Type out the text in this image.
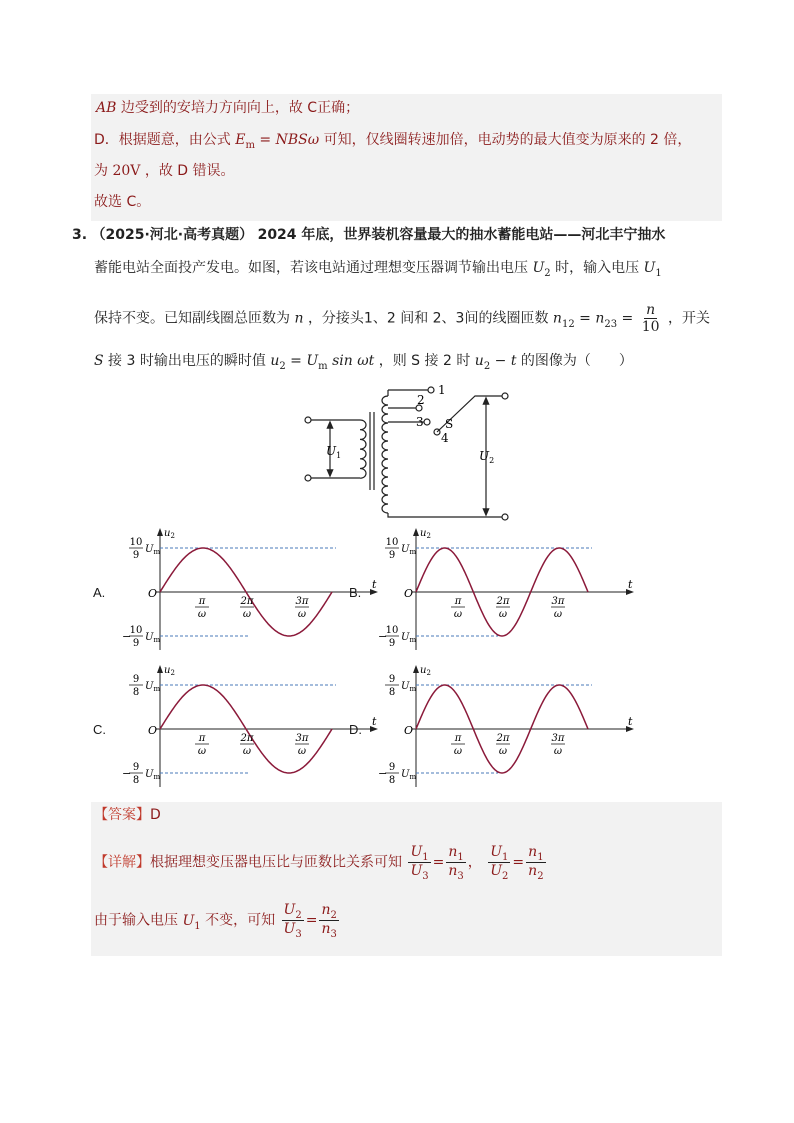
AB 边受到的安培力方向向上，故 C正确；
D．根据题意，由公式 $E_m = NBS\omega$ 可知，仅线圈转速加倍，电动势的最大值变为原来的 2 倍，
为 20V ，故 D 错误。
故选 C。
3. （2025·河北·高考真题） 2024 年底，世界装机容量最大的抽水蓄能电站——河北丰宁抽水
蓄能电站全面投产发电。如图，若该电站通过理想变压器调节输出电压 $U_2$ 时，输入电压 $U_1$
保持不变。已知副线圈总匝数为 n ，分接头1、2 间和 2、3间的线圈匝数 $n_{12} = n_{23} = \frac{n}{10}$ ，开关
S 接 3 时输出电压的瞬时值 $u_2 = U_m$ sin ωt ，则 S 接 2 时 $u_2 - t$ 的图像为（　　）
$U_1$	$U_2$
1
2
3
4
S
A.	B.
C.	D.
O
t
$u_2$
10
9
$U_m$
−
10
9
$U_m$
π
ω
2π
ω
3π
ω
O
t
$u_2$
10
9
$U_m$
−
10
9
$U_m$
π
ω
2π
ω
3π
ω
O
t
$u_2$
9
8
$U_m$
− 9
8
$U_m$
π
ω
2π
ω
3π
ω
O
t
$u_2$
9
8
$U_m$
− 9
8
$U_m$
π
ω
2π
ω
3π
ω
【答案】D
【详解】根据理想变压器电压比与匝数比关系可知 $\frac{U_1}{U_3} = \frac{n_1}{n_3}$ ， $\frac{U_1}{U_2} = \frac{n_1}{n_2}$
由于输入电压 $U_1$ 不变，可知 $\frac{U_2}{U_3} = \frac{n_2}{n_3}$
